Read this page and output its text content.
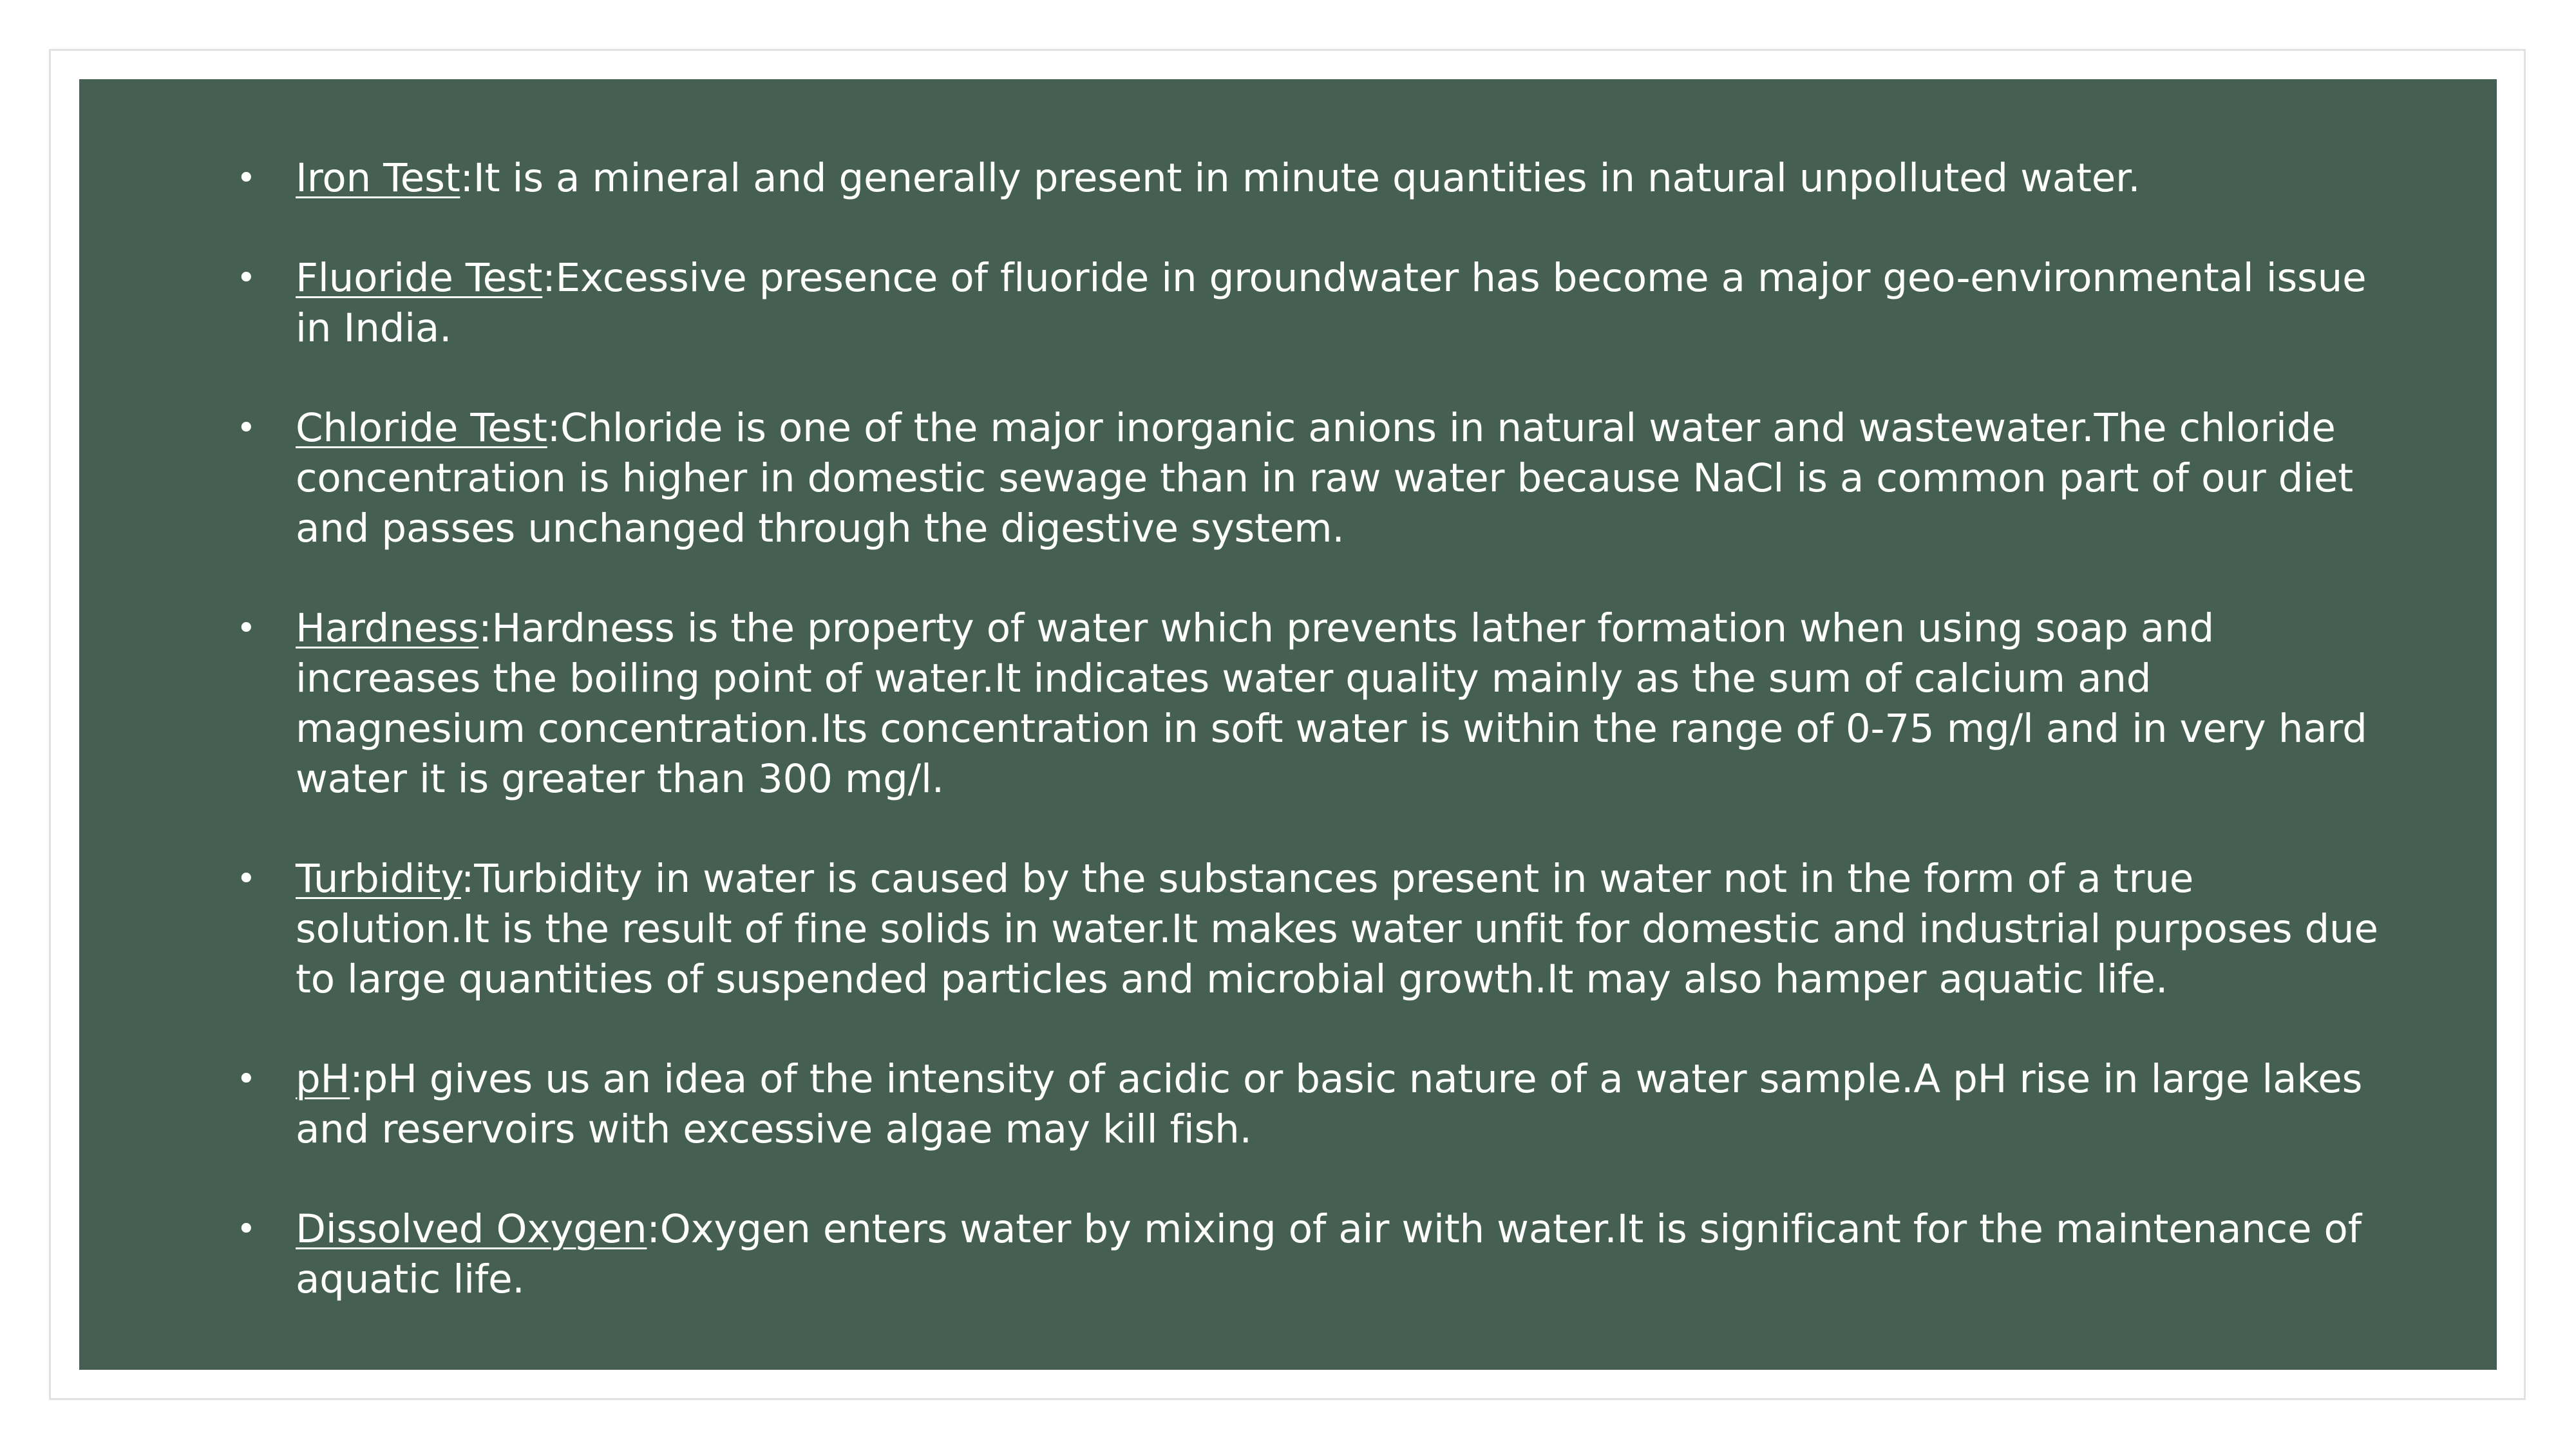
• Iron Test:It is a mineral and generally present in minute quantities in natural unpolluted water.
• Fluoride Test:Excessive presence of fluoride in groundwater has become a major geo-environmental issue in India.
• Chloride Test:Chloride is one of the major inorganic anions in natural water and wastewater.The chloride concentration is higher in domestic sewage than in raw water because NaCl is a common part of our diet and passes unchanged through the digestive system.
• Hardness:Hardness is the property of water which prevents lather formation when using soap and increases the boiling point of water.It indicates water quality mainly as the sum of calcium and magnesium concentration.Its concentration in soft water is within the range of 0-75 mg/l and in very hard water it is greater than 300 mg/l.
• Turbidity:Turbidity in water is caused by the substances present in water not in the form of a true solution.It is the result of fine solids in water.It makes water unfit for domestic and industrial purposes due to large quantities of suspended particles and microbial growth.It may also hamper aquatic life.
• pH:pH gives us an idea of the intensity of acidic or basic nature of a water sample.A pH rise in large lakes and reservoirs with excessive algae may kill fish.
• Dissolved Oxygen:Oxygen enters water by mixing of air with water.It is significant for the maintenance of aquatic life.
